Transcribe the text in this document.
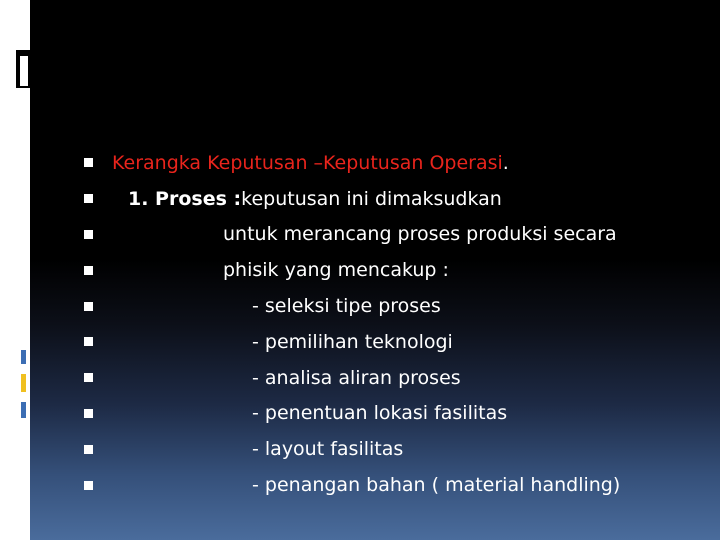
Kerangka Keputusan –Keputusan Operasi .
1. Proses : keputusan ini dimaksudkan
untuk merancang proses produksi secara
phisik yang mencakup :
- seleksi tipe proses
- pemilihan teknologi
- analisa aliran proses
- penentuan lokasi fasilitas
- layout fasilitas
- penangan bahan ( material handling)
